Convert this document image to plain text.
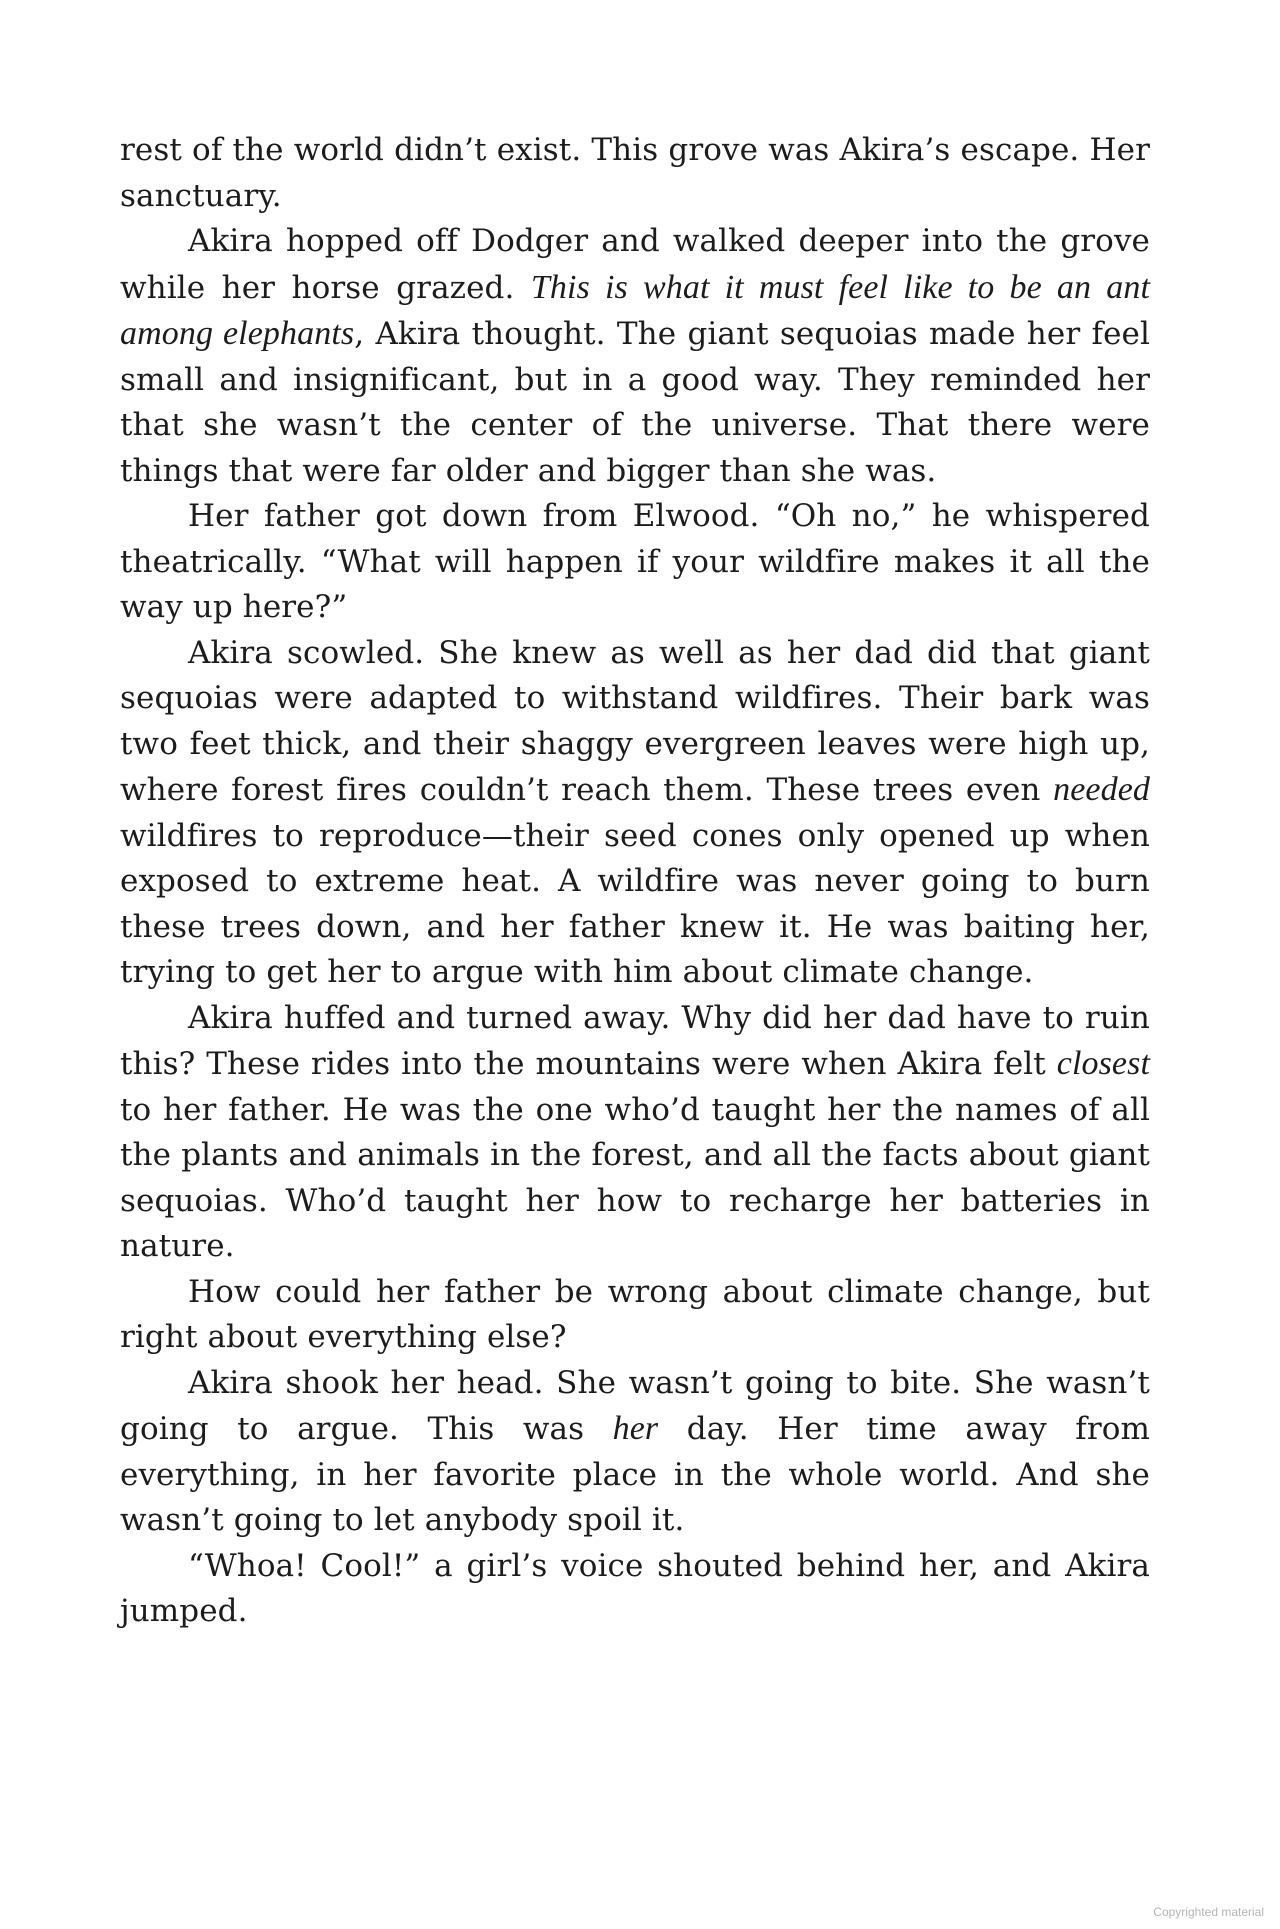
rest of the world didn’t exist. This grove was Akira’s escape. Her sanctuary.

Akira hopped off Dodger and walked deeper into the grove while her horse grazed. This is what it must feel like to be an ant among elephants, Akira thought. The giant sequoias made her feel small and insignificant, but in a good way. They reminded her that she wasn’t the center of the universe. That there were things that were far older and bigger than she was.

Her father got down from Elwood. “Oh no,” he whispered theatrically. “What will happen if your wildfire makes it all the way up here?”

Akira scowled. She knew as well as her dad did that giant sequoias were adapted to withstand wildfires. Their bark was two feet thick, and their shaggy evergreen leaves were high up, where forest fires couldn’t reach them. These trees even needed wildfires to reproduce—their seed cones only opened up when exposed to extreme heat. A wildfire was never going to burn these trees down, and her father knew it. He was baiting her, trying to get her to argue with him about climate change.

Akira huffed and turned away. Why did her dad have to ruin this? These rides into the mountains were when Akira felt closest to her father. He was the one who’d taught her the names of all the plants and animals in the forest, and all the facts about giant sequoias. Who’d taught her how to recharge her batteries in nature.

How could her father be wrong about climate change, but right about everything else?

Akira shook her head. She wasn’t going to bite. She wasn’t going to argue. This was her day. Her time away from everything, in her favorite place in the whole world. And she wasn’t going to let anybody spoil it.

“Whoa! Cool!” a girl’s voice shouted behind her, and Akira jumped.

Copyrighted material
